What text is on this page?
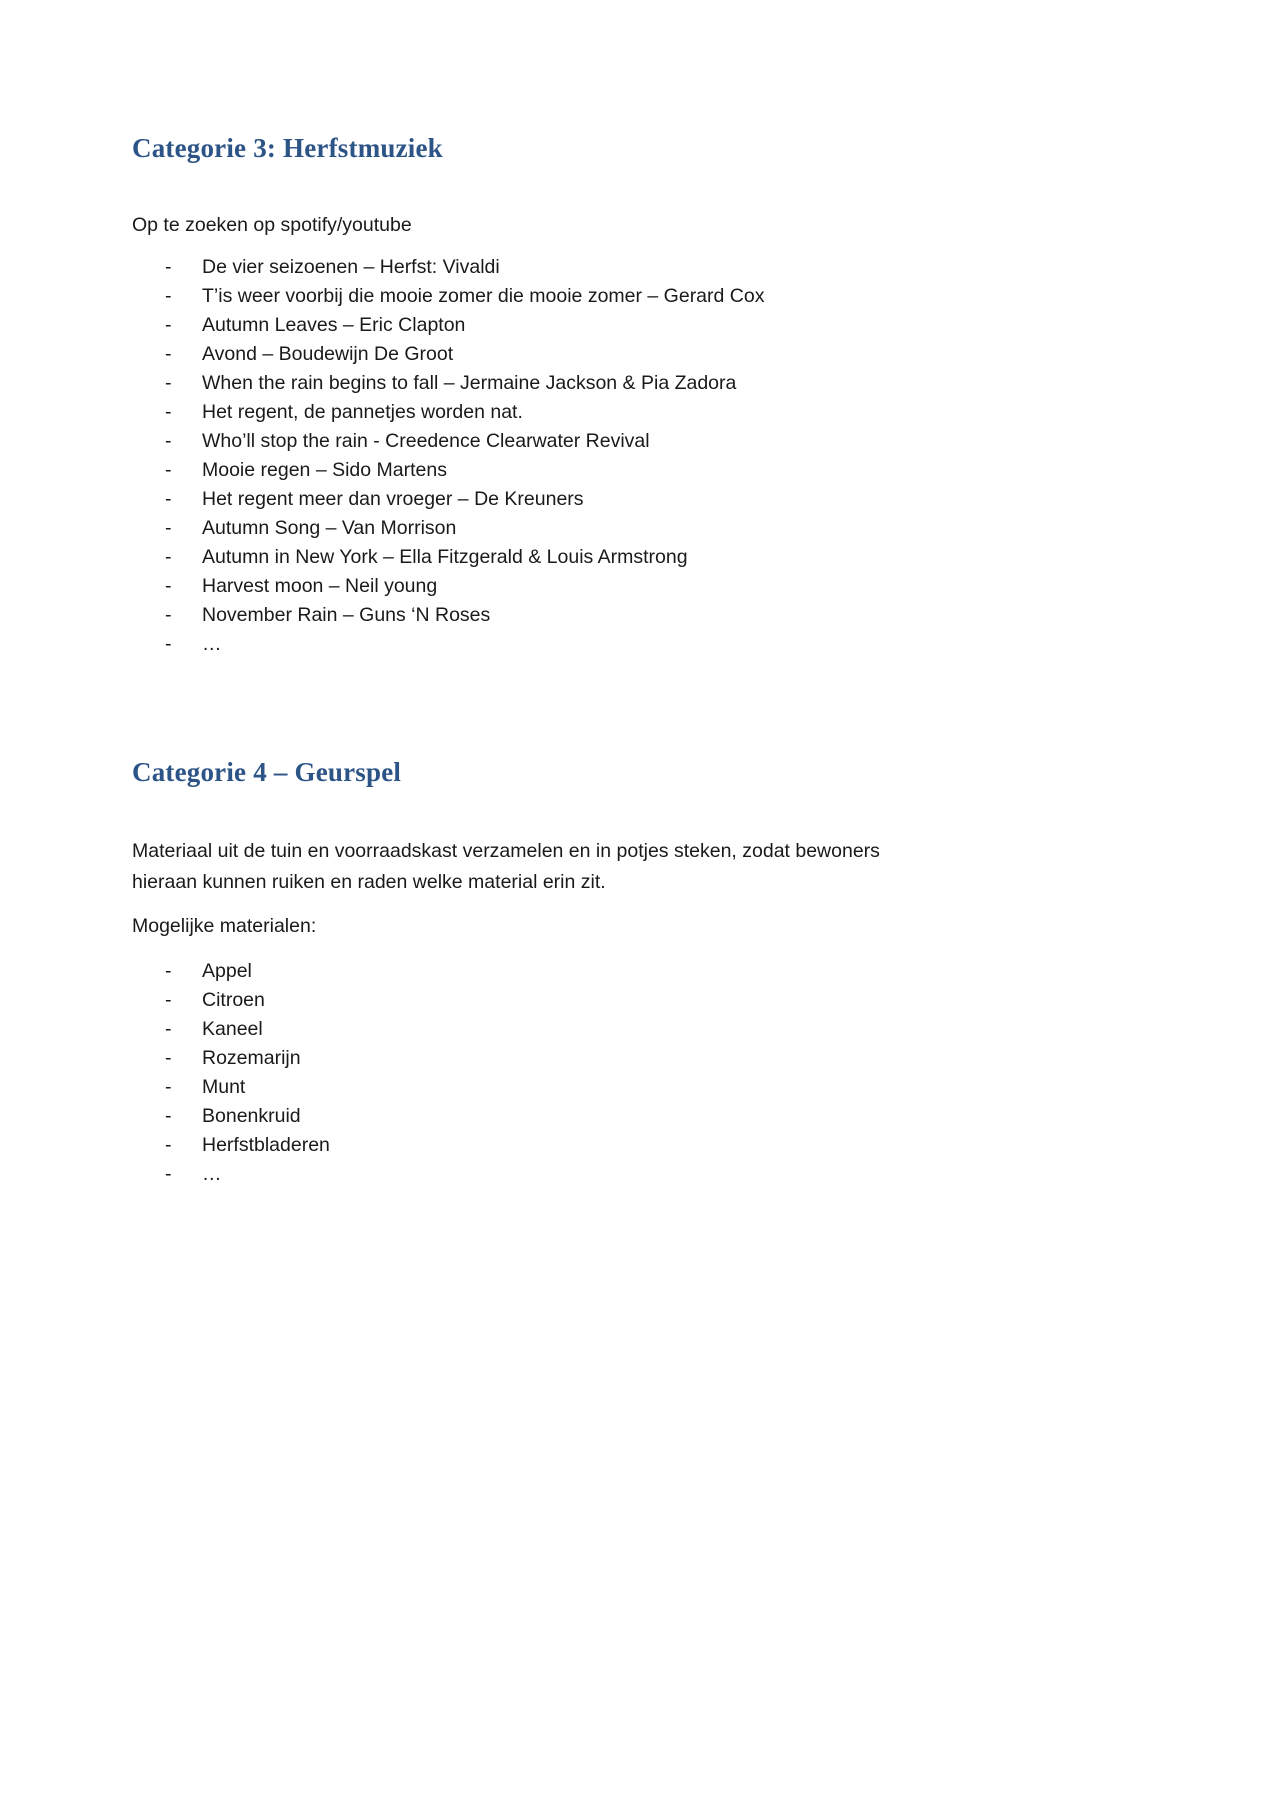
Categorie 3: Herfstmuziek

Op te zoeken op spotify/youtube

- De vier seizoenen – Herfst: Vivaldi
- T’is weer voorbij die mooie zomer die mooie zomer – Gerard Cox
- Autumn Leaves – Eric Clapton
- Avond – Boudewijn De Groot
- When the rain begins to fall – Jermaine Jackson & Pia Zadora
- Het regent, de pannetjes worden nat.
- Who’ll stop the rain - Creedence Clearwater Revival
- Mooie regen – Sido Martens
- Het regent meer dan vroeger – De Kreuners
- Autumn Song – Van Morrison
- Autumn in New York – Ella Fitzgerald & Louis Armstrong
- Harvest moon – Neil young
- November Rain – Guns ‘N Roses
- …
Categorie 4 – Geurspel

Materiaal uit de tuin en voorraadskast verzamelen en in potjes steken, zodat bewoners hieraan kunnen ruiken en raden welke material erin zit.

Mogelijke materialen:

- Appel
- Citroen
- Kaneel
- Rozemarijn
- Munt
- Bonenkruid
- Herfstbladeren
- …
